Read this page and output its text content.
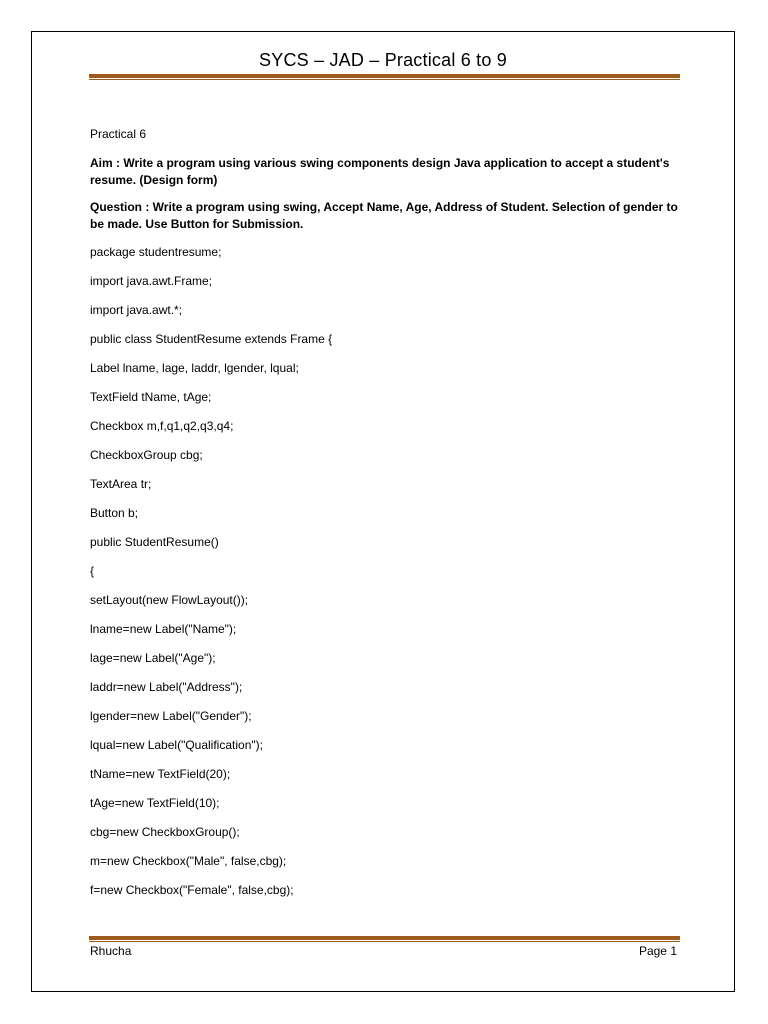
SYCS – JAD – Practical 6 to 9
Practical 6
Aim : Write a program using various swing components design Java application to accept a student's resume. (Design form)
Question : Write a program using swing, Accept Name, Age, Address of Student. Selection of gender to be made. Use Button for Submission.
package studentresume;
import java.awt.Frame;
import java.awt.*;
public class StudentResume extends Frame {
Label lname, lage, laddr, lgender, lqual;
TextField tName, tAge;
Checkbox m,f,q1,q2,q3,q4;
CheckboxGroup cbg;
TextArea tr;
Button b;
public StudentResume()
{
setLayout(new FlowLayout());
lname=new Label("Name");
lage=new Label("Age");
laddr=new Label("Address");
lgender=new Label("Gender");
lqual=new Label("Qualification");
tName=new TextField(20);
tAge=new TextField(10);
cbg=new CheckboxGroup();
m=new Checkbox("Male", false,cbg);
f=new Checkbox("Female", false,cbg);
Rhucha	Page 1
